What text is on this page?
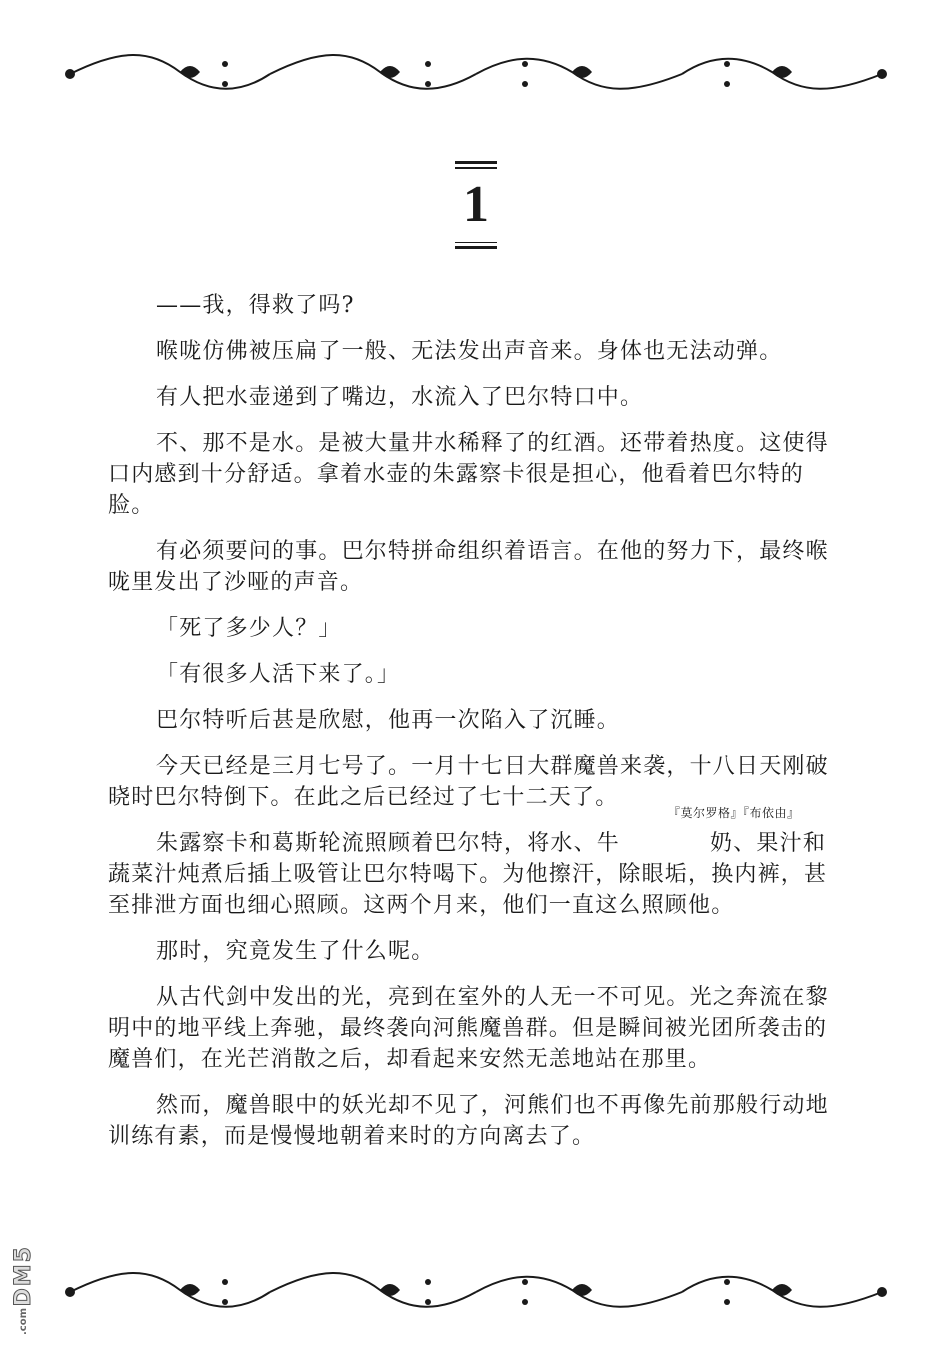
1

——我，得救了吗?

喉咙仿佛被压扁了一般、无法发出声音来。身体也无法动弹。

有人把水壶递到了嘴边，水流入了巴尔特口中。

不、那不是水。是被大量井水稀释了的红酒。还带着热度。这使得口内感到十分舒适。拿着水壶的朱露察卡很是担心，他看着巴尔特的脸。

有必须要问的事。巴尔特拼命组织着语言。在他的努力下，最终喉咙里发出了沙哑的声音。

「死了多少人？」

「有很多人活下来了。」

巴尔特听后甚是欣慰，他再一次陷入了沉睡。

今天已经是三月七号了。一月十七日大群魔兽来袭，十八日天刚破晓时巴尔特倒下。在此之后已经过了七十二天了。

朱露察卡和葛斯轮流照顾着巴尔特，将水、牛
『莫尔罗格』『布依由』
奶、果汁和蔬菜汁炖煮后插上吸管让巴尔特喝下。为他擦汗，除眼垢，换内裤，甚至排泄方面也细心照顾。这两个月来，他们一直这么照顾他。

那时，究竟发生了什么呢。

从古代剑中发出的光，亮到在室外的人无一不可见。光之奔流在黎明中的地平线上奔驰，最终袭向河熊魔兽群。但是瞬间被光团所袭击的魔兽们，在光芒消散之后，却看起来安然无恙地站在那里。

然而，魔兽眼中的妖光却不见了，河熊们也不再像先前那般行动地训练有素，而是慢慢地朝着来时的方向离去了。

DM5
.com
